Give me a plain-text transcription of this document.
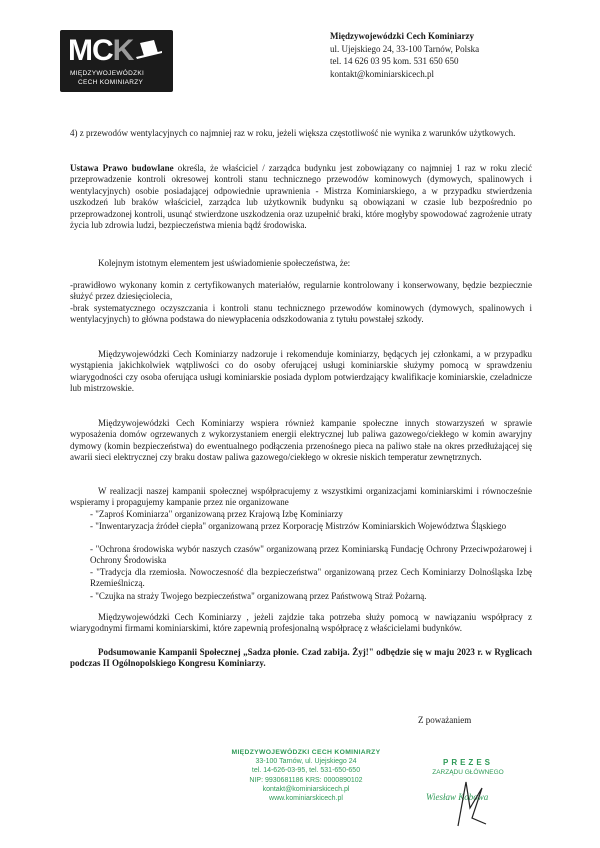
MCK
MIĘDZYWOJEWÓDZKI
CECH KOMINIARZY
Międzywojewódzki Cech Kominiarzy
ul. Ujejskiego 24, 33-100 Tarnów, Polska
tel. 14 626 03 95 kom. 531 650 650
kontakt@kominiarskicech.pl

4) z przewodów wentylacyjnych co najmniej raz w roku, jeżeli większa częstotliwość nie wynika z warunków użytkowych.

Ustawa Prawo budowlane określa, że właściciel / zarządca budynku jest zobowiązany co najmniej 1 raz w roku zlecić przeprowadzenie kontroli okresowej kontroli stanu technicznego przewodów kominowych (dymowych, spalinowych i wentylacyjnych) osobie posiadającej odpowiednie uprawnienia - Mistrza Kominiarskiego, a w przypadku stwierdzenia uszkodzeń lub braków właściciel, zarządca lub użytkownik budynku są obowiązani w czasie lub bezpośrednio po przeprowadzonej kontroli, usunąć stwierdzone uszkodzenia oraz uzupełnić braki, które mogłyby spowodować zagrożenie utraty życia lub zdrowia ludzi, bezpieczeństwa mienia bądź środowiska.

Kolejnym istotnym elementem jest uświadomienie społeczeństwa, że:

-prawidłowo wykonany komin z certyfikowanych materiałów, regularnie kontrolowany i konserwowany, będzie bezpiecznie służyć przez dziesięciolecia,

-brak systematycznego oczyszczania i kontroli stanu technicznego przewodów kominowych (dymowych, spalinowych i wentylacyjnych) to główna podstawa do niewypłacenia odszkodowania z tytułu powstałej szkody.

Międzywojewódzki Cech Kominiarzy nadzoruje i rekomenduje kominiarzy, będących jej członkami, a w przypadku wystąpienia jakichkolwiek wątpliwości co do osoby oferującej usługi kominiarskie służymy pomocą w sprawdzeniu wiarygodności czy osoba oferująca usługi kominiarskie posiada dyplom potwierdzający kwalifikacje kominiarskie, czeladnicze lub mistrzowskie.

Międzywojewódzki Cech Kominiarzy wspiera również kampanie społeczne innych stowarzyszeń w sprawie wyposażenia domów ogrzewanych z wykorzystaniem energii elektrycznej lub paliwa gazowego/ciekłego w komin awaryjny dymowy (komin bezpieczeństwa) do ewentualnego podłączenia przenośnego pieca na paliwo stałe na okres przedłużającej się awarii sieci elektrycznej czy braku dostaw paliwa gazowego/ciekłego w okresie niskich temperatur zewnętrznych.

W realizacji naszej kampanii społecznej współpracujemy z wszystkimi organizacjami kominiarskimi i równocześnie wspieramy i propagujemy kampanie przez nie organizowane

- "Zaproś Kominiarza" organizowaną przez Krajową Izbę Kominiarzy

- "Inwentaryzacja źródeł ciepła" organizowaną przez Korporację Mistrzów Kominiarskich Województwa Śląskiego

- "Ochrona środowiska wybór naszych czasów" organizowaną przez Kominiarską Fundację Ochrony Przeciwpożarowej i Ochrony Środowiska

- "Tradycja dla rzemiosła. Nowoczesność dla bezpieczeństwa" organizowaną przez Cech Kominiarzy Dolnośląska Izbę Rzemieślniczą.

- "Czujka na straży Twojego bezpieczeństwa" organizowaną przez Państwową Straż Pożarną.

Międzywojewódzki Cech Kominiarzy , jeżeli zajdzie taka potrzeba służy pomocą w nawiązaniu współpracy z wiarygodnymi firmami kominiarskimi, które zapewnią profesjonalną współpracę z właścicielami budynków.

Podsumowanie Kampanii Społecznej „Sadza płonie. Czad zabija. Żyj!" odbędzie się w maju 2023 r. w Ryglicach podczas II Ogólnopolskiego Kongresu Kominiarzy.

Z poważaniem
MIĘDZYWOJEWÓDZKI CECH KOMINIARZY
33-100 Tarnów, ul. Ujejskiego 24
tel. 14-626-03-95, tel. 531-650-650
NIP: 9930681186 KRS: 0000890102
kontakt@kominiarskicech.pl
www.kominiarskicech.pl
PREZES
ZARZĄDU GŁÓWNEGO
Wiesław Kobowa
